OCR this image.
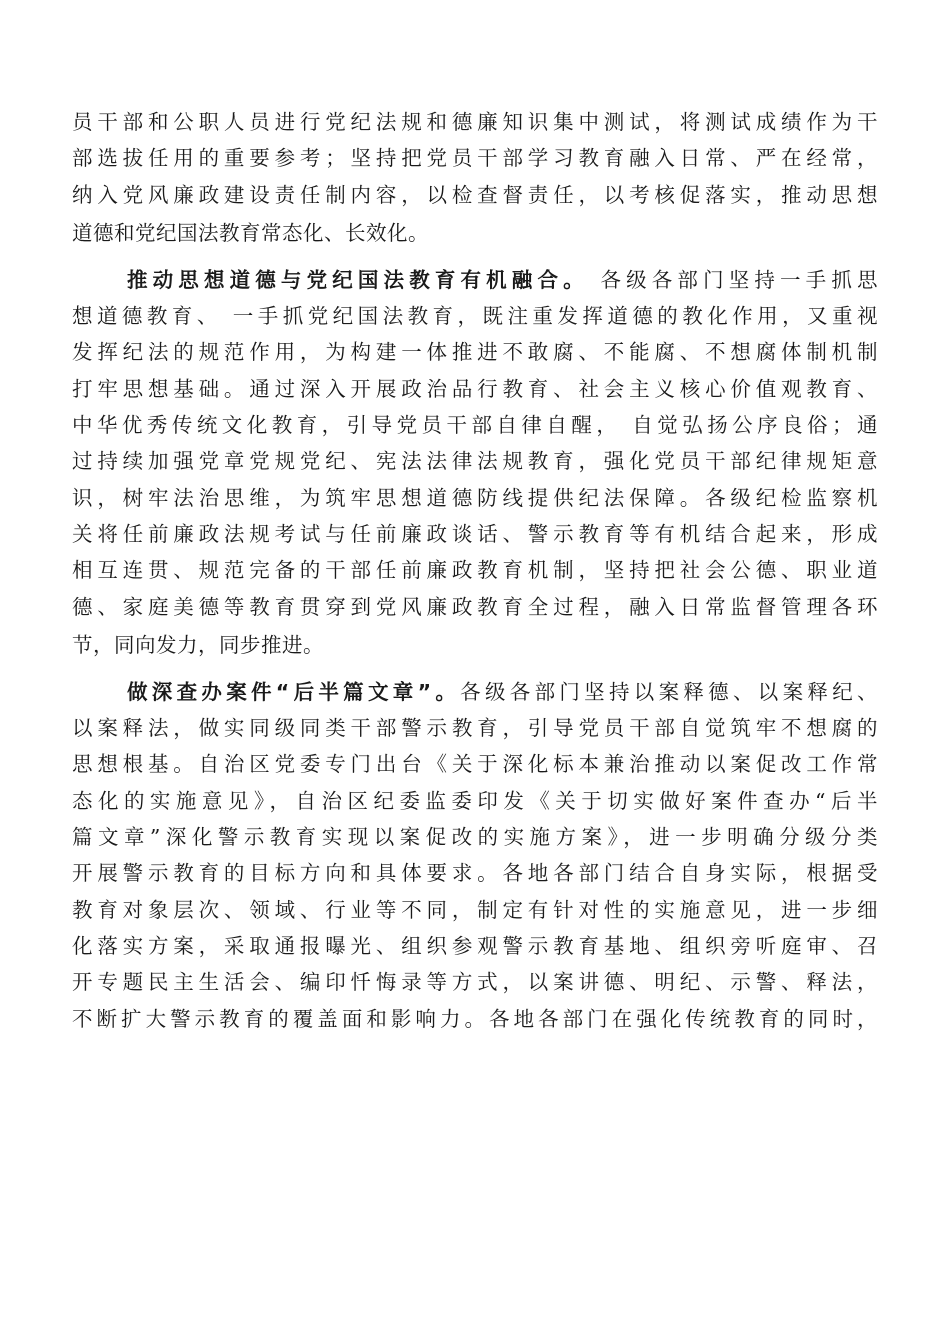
员干部和公职人员进行党纪法规和德廉知识集中测试，将测试成绩作为干
部选拔任用的重要参考；坚持把党员干部学习教育融入日常、严在经常，
纳入党风廉政建设责任制内容，以检查督责任，以考核促落实，推动思想
道德和党纪国法教育常态化、长效化。
推动思想道德与党纪国法教育有机融合。 各级各部门坚持一手抓思
想道德教育、 一手抓党纪国法教育，既注重发挥道德的教化作用，又重视
发挥纪法的规范作用，为构建一体推进不敢腐、不能腐、不想腐体制机制
打牢思想基础。通过深入开展政治品行教育、社会主义核心价值观教育、
中华优秀传统文化教育，引导党员干部自律自醒， 自觉弘扬公序良俗；通
过持续加强党章党规党纪、宪法法律法规教育，强化党员干部纪律规矩意
识，树牢法治思维，为筑牢思想道德防线提供纪法保障。各级纪检监察机
关将任前廉政法规考试与任前廉政谈话、警示教育等有机结合起来，形成
相互连贯、规范完备的干部任前廉政教育机制，坚持把社会公德、职业道
德、家庭美德等教育贯穿到党风廉政教育全过程，融入日常监督管理各环
节，同向发力，同步推进。
做深查办案件“后半篇文章”。各级各部门坚持以案释德、以案释纪、
以案释法，做实同级同类干部警示教育，引导党员干部自觉筑牢不想腐的
思想根基。自治区党委专门出台《关于深化标本兼治推动以案促改工作常
态化的实施意见》，自治区纪委监委印发《关于切实做好案件查办“后半
篇文章”深化警示教育实现以案促改的实施方案》，进一步明确分级分类
开展警示教育的目标方向和具体要求。各地各部门结合自身实际，根据受
教育对象层次、领域、行业等不同，制定有针对性的实施意见，进一步细
化落实方案，采取通报曝光、组织参观警示教育基地、组织旁听庭审、召
开专题民主生活会、编印忏悔录等方式，以案讲德、明纪、示警、释法，
不断扩大警示教育的覆盖面和影响力。各地各部门在强化传统教育的同时，
